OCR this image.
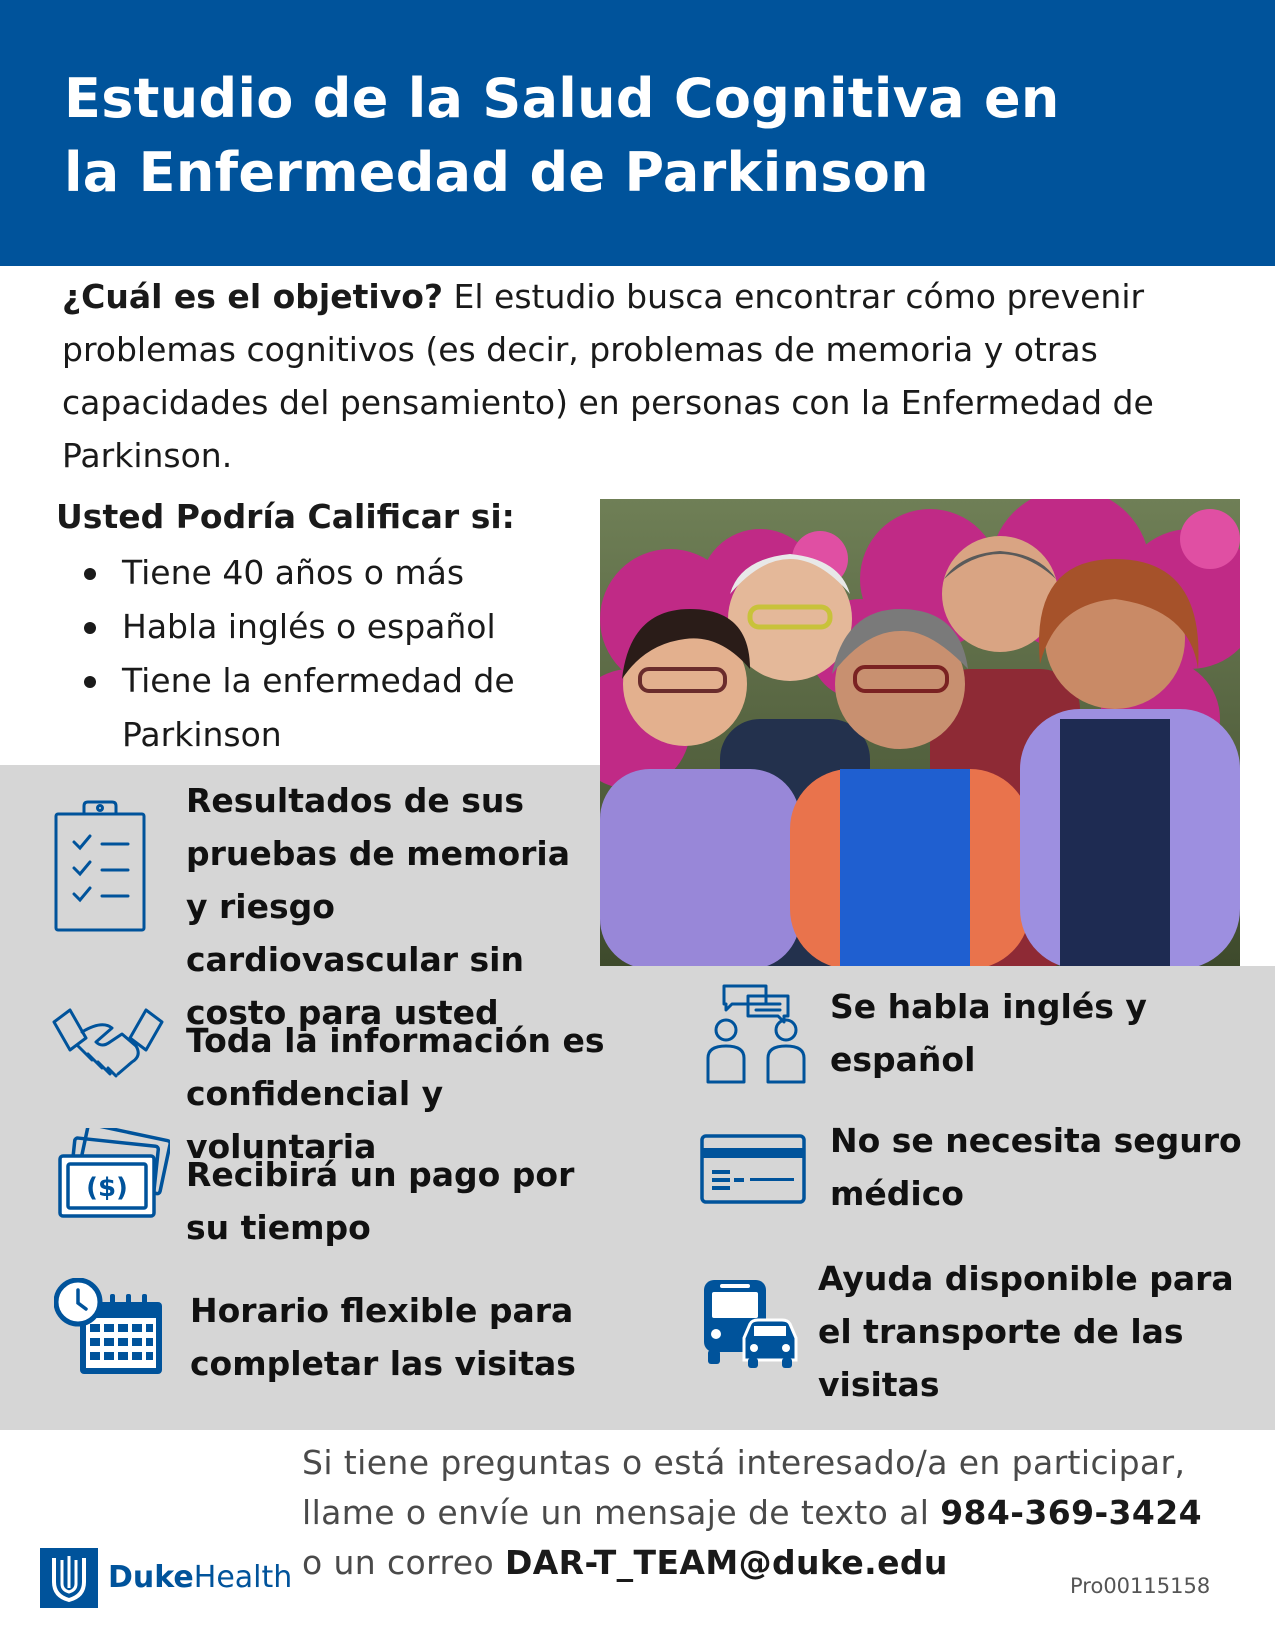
Estudio de la Salud Cognitiva en
la Enfermedad de Parkinson
¿Cuál es el objetivo? El estudio busca encontrar cómo prevenir problemas cognitivos (es decir, problemas de memoria y otras capacidades del pensamiento) en personas con la Enfermedad de Parkinson.
Usted Podría Calificar si:
Tiene 40 años o más
Habla inglés o español
Tiene la enfermedad de Parkinson
Resultados de sus pruebas de memoria y riesgo cardiovascular sin costo para usted
Toda la información es confidencial y voluntaria
($) Recibirá un pago por su tiempo
Horario flexible para completar las visitas
Se habla inglés y español
No se necesita seguro médico
Ayuda disponible para el transporte de las visitas
Si tiene preguntas o está interesado/a en participar,
llame o envíe un mensaje de texto al 984-369-3424
o un correo DAR-T_TEAM@duke.edu
DukeHealth	Pro00115158
